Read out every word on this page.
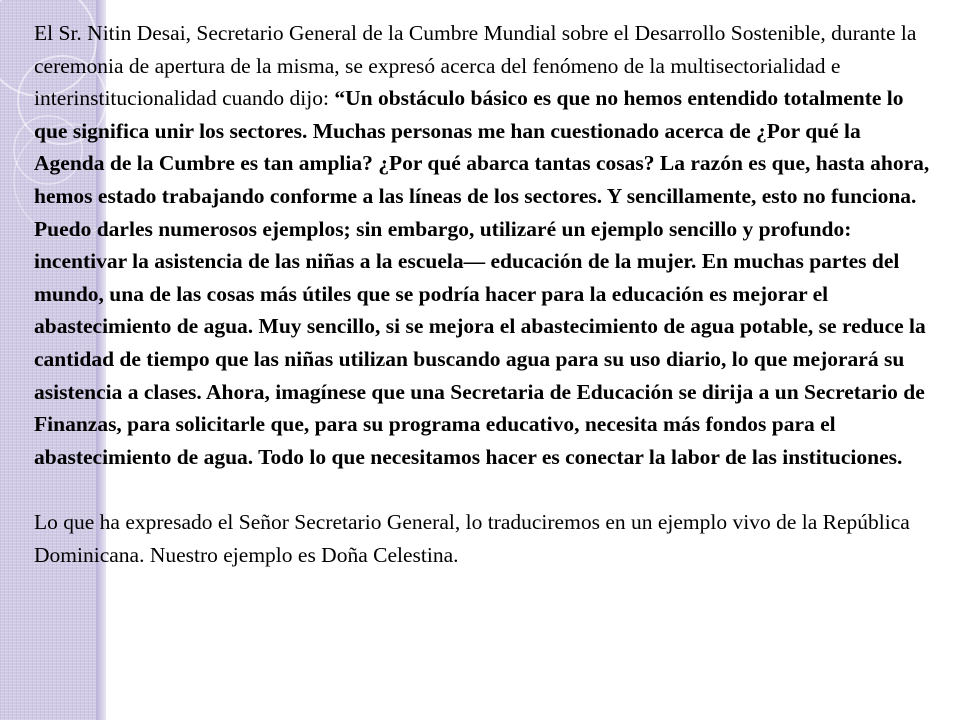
El Sr. Nitin Desai, Secretario General de la Cumbre Mundial sobre el Desarrollo Sostenible, durante la ceremonia de apertura de la misma, se expresó acerca del fenómeno de la multisectorialidad e interinstitucionalidad cuando dijo: “Un obstáculo básico es que no hemos entendido totalmente lo que significa unir los sectores. Muchas personas me han cuestionado acerca de ¿Por qué la Agenda de la Cumbre es tan amplia? ¿Por qué abarca tantas cosas? La razón es que, hasta ahora, hemos estado trabajando conforme a las líneas de los sectores. Y sencillamente, esto no funciona. Puedo darles numerosos ejemplos; sin embargo, utilizaré un ejemplo sencillo y profundo: incentivar la asistencia de las niñas a la escuela— educación de la mujer. En muchas partes del mundo, una de las cosas más útiles que se podría hacer para la educación es mejorar el abastecimiento de agua. Muy sencillo, si se mejora el abastecimiento de agua potable, se reduce la cantidad de tiempo que las niñas utilizan buscando agua para su uso diario, lo que mejorará su asistencia a clases. Ahora, imagínese que una Secretaria de Educación se dirija a un Secretario de Finanzas, para solicitarle que, para su programa educativo, necesita más fondos para el abastecimiento de agua. Todo lo que necesitamos hacer es conectar la labor de las instituciones.

Lo que ha expresado el Señor Secretario General, lo traduciremos en un ejemplo vivo de la República Dominicana. Nuestro ejemplo es Doña Celestina.
